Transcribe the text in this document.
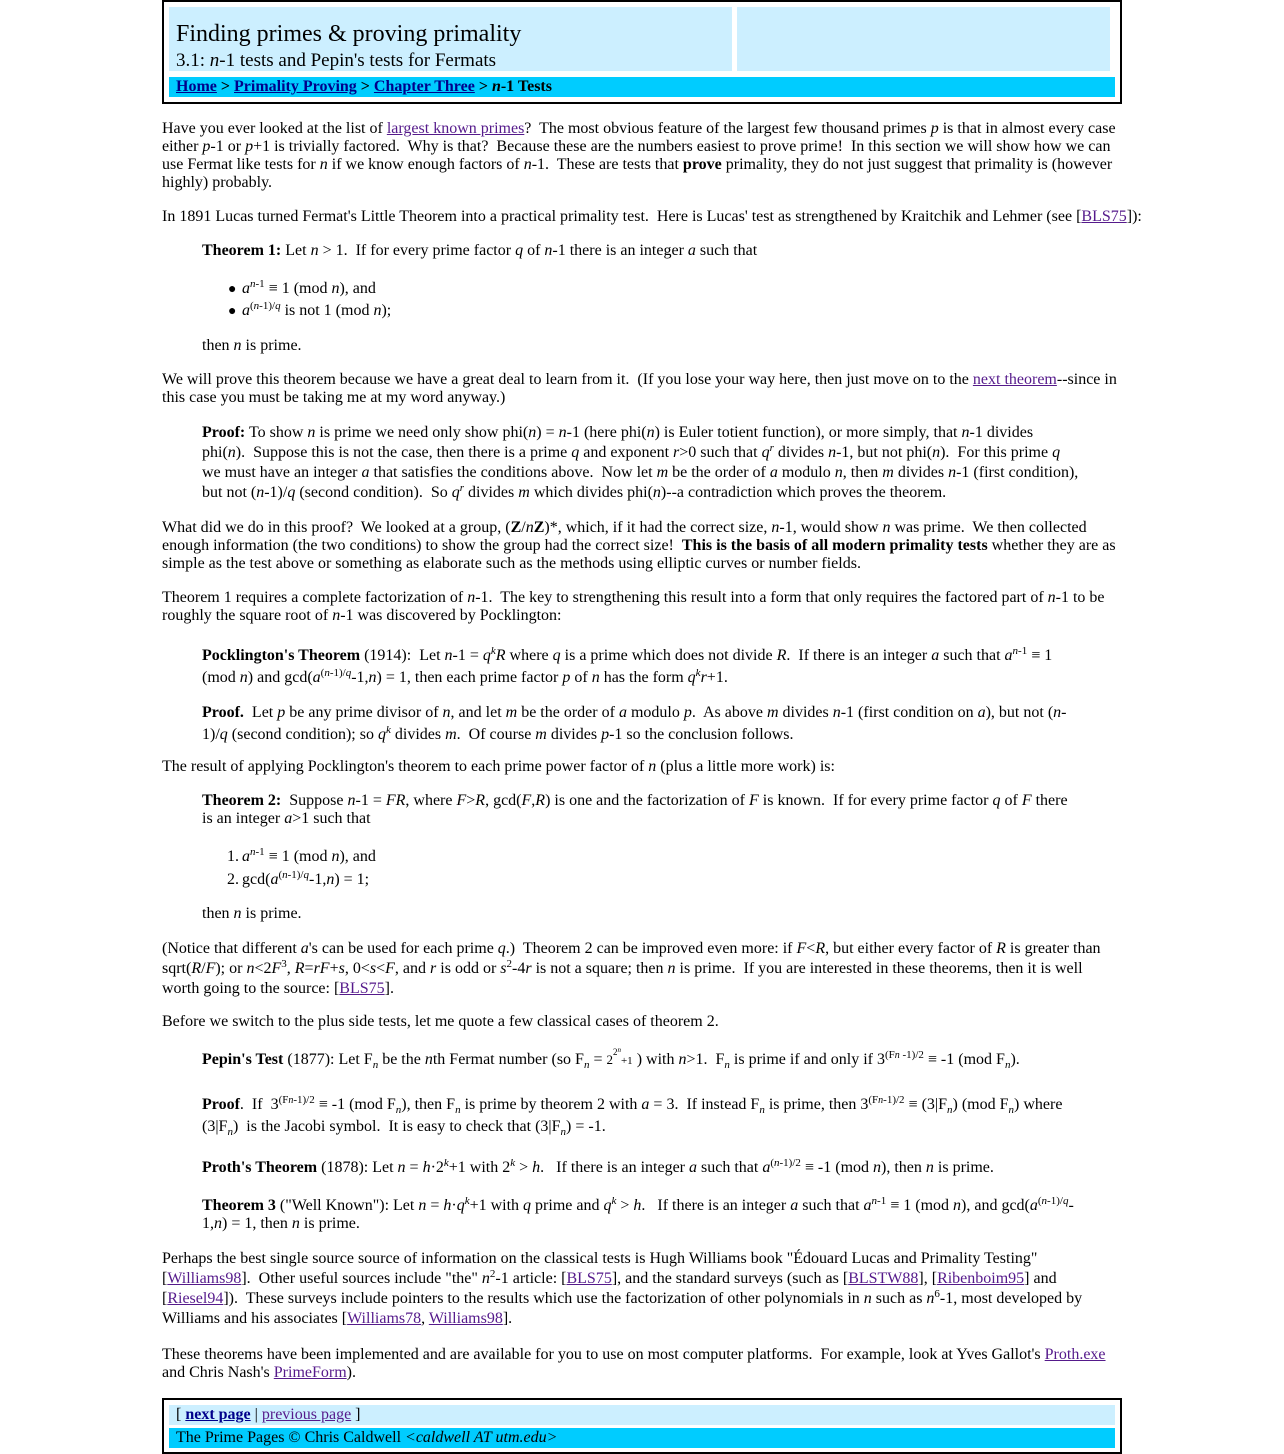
Finding primes & proving primality
3.1: n-1 tests and Pepin's tests for Fermats
Home > Primality Proving > Chapter Three > n-1 Tests
Have you ever looked at the list of largest known primes?  The most obvious feature of the largest few thousand primes p is that in almost every case either p-1 or p+1 is trivially factored.  Why is that?  Because these are the numbers easiest to prove prime!  In this section we will show how we can use Fermat like tests for n if we know enough factors of n-1.  These are tests that prove primality, they do not just suggest that primality is (however highly) probably.
In 1891 Lucas turned Fermat's Little Theorem into a practical primality test.  Here is Lucas' test as strengthened by Kraitchik and Lehmer (see [BLS75]):
Theorem 1: Let n > 1.  If for every prime factor q of n-1 there is an integer a such that
● $a^{n-1} \equiv 1$ (mod n), and
● $a^{(n-1)/q}$ is not 1 (mod n);
then n is prime.
We will prove this theorem because we have a great deal to learn from it.  (If you lose your way here, then just move on to the next theorem--since in this case you must be taking me at my word anyway.)
Proof: To show n is prime we need only show phi(n) = n-1 (here phi(n) is Euler totient function), or more simply, that n-1 divides phi(n).  Suppose this is not the case, then there is a prime q and exponent r>0 such that $q^r$ divides n-1, but not phi(n).  For this prime q we must have an integer a that satisfies the conditions above.  Now let m be the order of a modulo n, then m divides n-1 (first condition), but not (n-1)/q (second condition).  So $q^r$ divides m which divides phi(n)--a contradiction which proves the theorem.
What did we do in this proof?  We looked at a group, (Z/nZ)*, which, if it had the correct size, n-1, would show n was prime.  We then collected enough information (the two conditions) to show the group had the correct size!  This is the basis of all modern primality tests whether they are as simple as the test above or something as elaborate such as the methods using elliptic curves or number fields.
Theorem 1 requires a complete factorization of n-1.  The key to strengthening this result into a form that only requires the factored part of n-1 to be roughly the square root of n-1 was discovered by Pocklington:
Pocklington's Theorem (1914):  Let $n-1 = q^kR$ where q is a prime which does not divide R.  If there is an integer a such that $a^{n-1} \equiv 1$ (mod n) and $\gcd(a^{(n-1)/q}-1,n) = 1$, then each prime factor p of n has the form $q^kr+1$.
Proof.  Let p be any prime divisor of n, and let m be the order of a modulo p.  As above m divides n-1 (first condition on a), but not (n-1)/q (second condition); so $q^k$ divides m.  Of course m divides p-1 so the conclusion follows.
The result of applying Pocklington's theorem to each prime power factor of n (plus a little more work) is:
Theorem 2:  Suppose n-1 = FR, where F>R, gcd(F,R) is one and the factorization of F is known.  If for every prime factor q of F there is an integer a>1 such that
1. $a^{n-1} \equiv 1$ (mod n), and
2. $\gcd(a^{(n-1)/q}-1,n) = 1$;
then n is prime.
(Notice that different a's can be used for each prime q.)  Theorem 2 can be improved even more: if F<R, but either every factor of R is greater than sqrt(R/F); or $n<2F^3$, R=rF+s, 0<s<F, and r is odd or $s^2-4r$ is not a square; then n is prime.  If you are interested in these theorems, then it is well worth going to the source: [BLS75].
Before we switch to the plus side tests, let me quote a few classical cases of theorem 2.
Pepin's Test (1877): Let $F_n$ be the nth Fermat number (so $F_n = 2^{2^n}+1$ ) with n>1.  $F_n$ is prime if and only if $3^{(Fn -1)/2} \equiv -1$ (mod $F_n$).
Proof.  If  $3^{(Fn-1)/2} \equiv -1$ (mod $F_n$), then $F_n$ is prime by theorem 2 with a = 3.  If instead $F_n$ is prime, then $3^{(Fn-1)/2} \equiv (3|F_n)$ (mod $F_n$) where $(3|F_n)$  is the Jacobi symbol.  It is easy to check that $(3|F_n) = -1$.
Proth's Theorem (1878): Let $n = h\cdot 2^k+1$ with $2^k > h$.   If there is an integer a such that $a^{(n-1)/2} \equiv -1$ (mod n), then n is prime.
Theorem 3 ("Well Known"): Let $n = h\cdot q^k+1$ with q prime and $q^k > h$.   If there is an integer a such that $a^{n-1} \equiv 1$ (mod n), and $\gcd(a^{(n-1)/q}-1,n) = 1$, then n is prime.
Perhaps the best single source source of information on the classical tests is Hugh Williams book "Édouard Lucas and Primality Testing" [Williams98].  Other useful sources include "the" $n^2-1$ article: [BLS75], and the standard surveys (such as [BLSTW88], [Ribenboim95] and [Riesel94]).  These surveys include pointers to the results which use the factorization of other polynomials in n such as $n^6-1$, most developed by Williams and his associates [Williams78, Williams98].
These theorems have been implemented and are available for you to use on most computer platforms.  For example, look at Yves Gallot's Proth.exe and Chris Nash's PrimeForm).
[ next page | previous page ]
The Prime Pages © Chris Caldwell <caldwell AT utm.edu>
